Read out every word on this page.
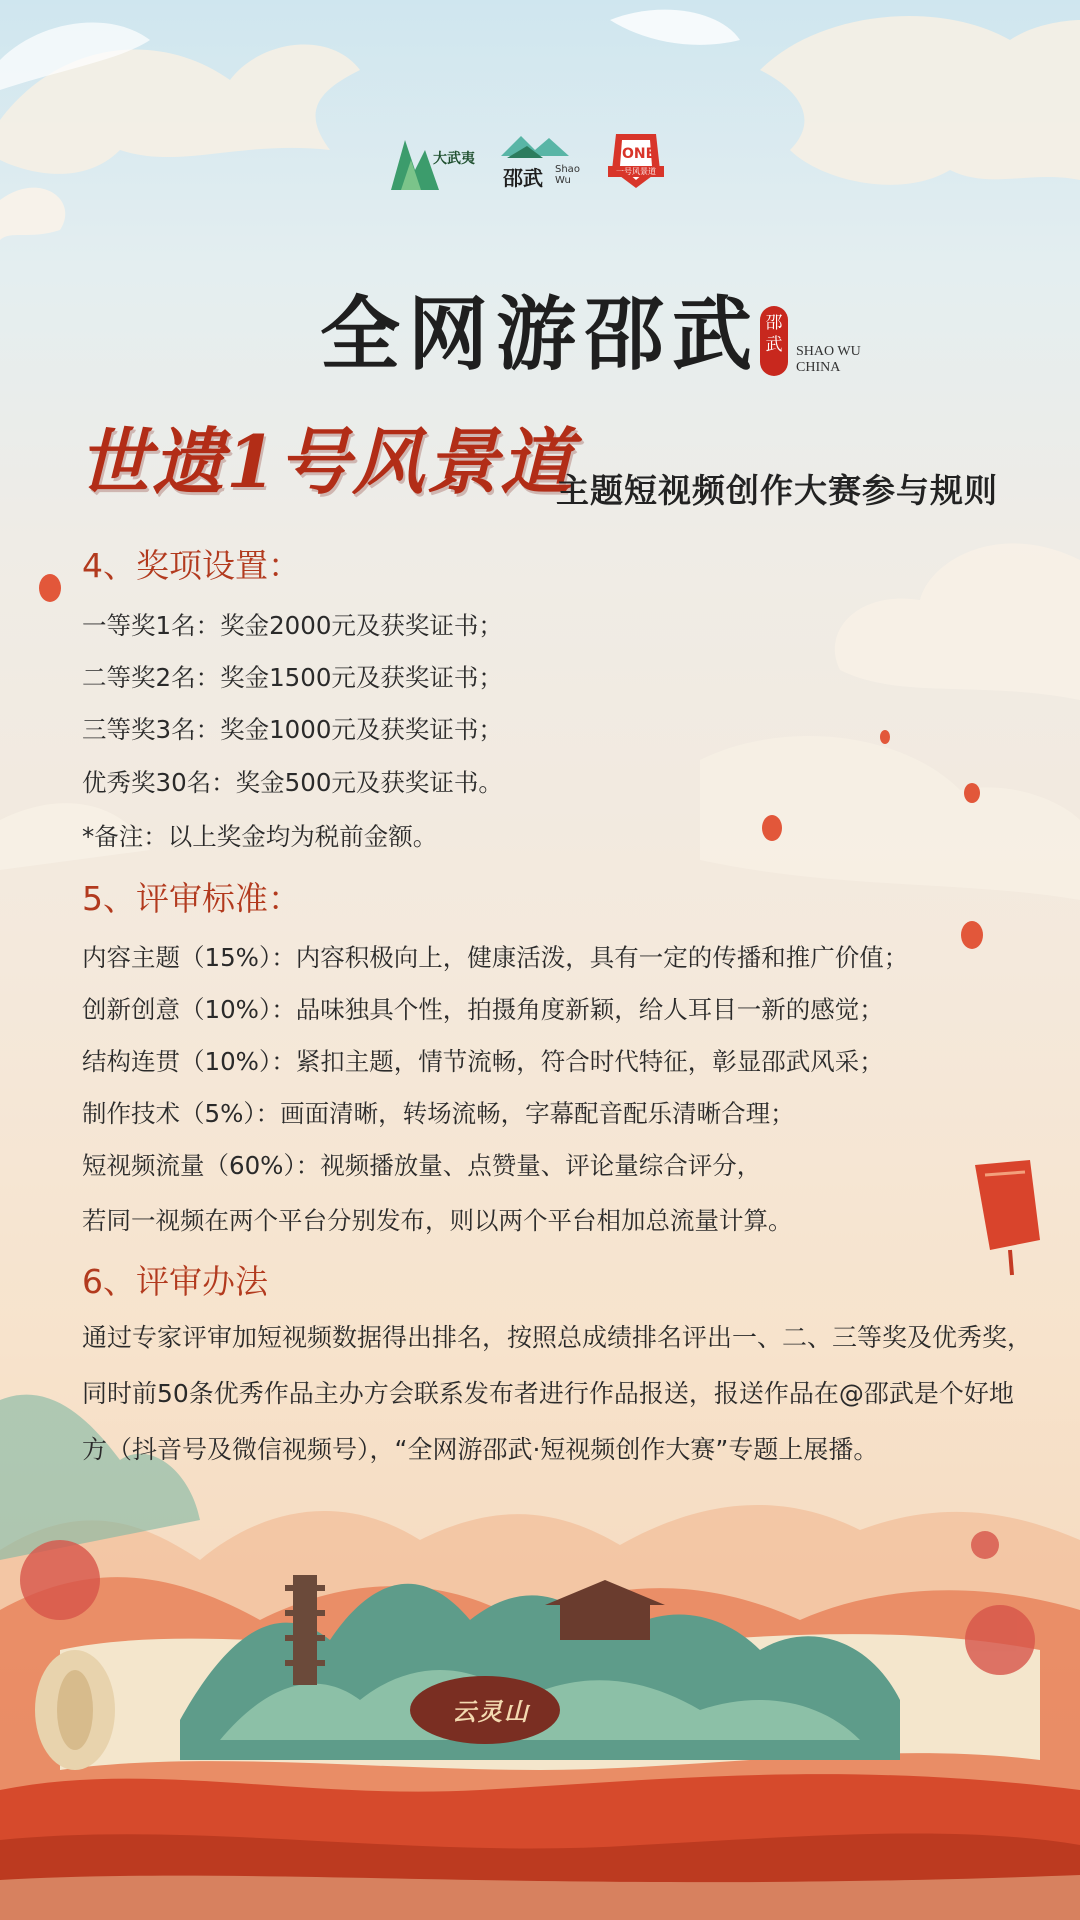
大武夷
邵武 Shao Wu
ONE
一号风景道
全网游邵武 邵武 SHAO WU
CHINA
世遗1号风景道
主题短视频创作大赛参与规则
4、奖项设置：
一等奖1名：奖金2000元及获奖证书；
二等奖2名：奖金1500元及获奖证书；
三等奖3名：奖金1000元及获奖证书；
优秀奖30名：奖金500元及获奖证书。
*备注：以上奖金均为税前金额。
5、评审标准：
内容主题（15%）：内容积极向上，健康活泼，具有一定的传播和推广价值；
创新创意（10%）：品味独具个性，拍摄角度新颖，给人耳目一新的感觉；
结构连贯（10%）：紧扣主题，情节流畅，符合时代特征，彰显邵武风采；
制作技术（5%）：画面清晰，转场流畅，字幕配音配乐清晰合理；
短视频流量（60%）：视频播放量、点赞量、评论量综合评分，
若同一视频在两个平台分别发布，则以两个平台相加总流量计算。
6、评审办法
通过专家评审加短视频数据得出排名，按照总成绩排名评出一、二、三等奖及优秀奖，同时前50条优秀作品主办方会联系发布者进行作品报送，报送作品在@邵武是个好地方（抖音号及微信视频号），“全网游邵武·短视频创作大赛”专题上展播。
云灵山
